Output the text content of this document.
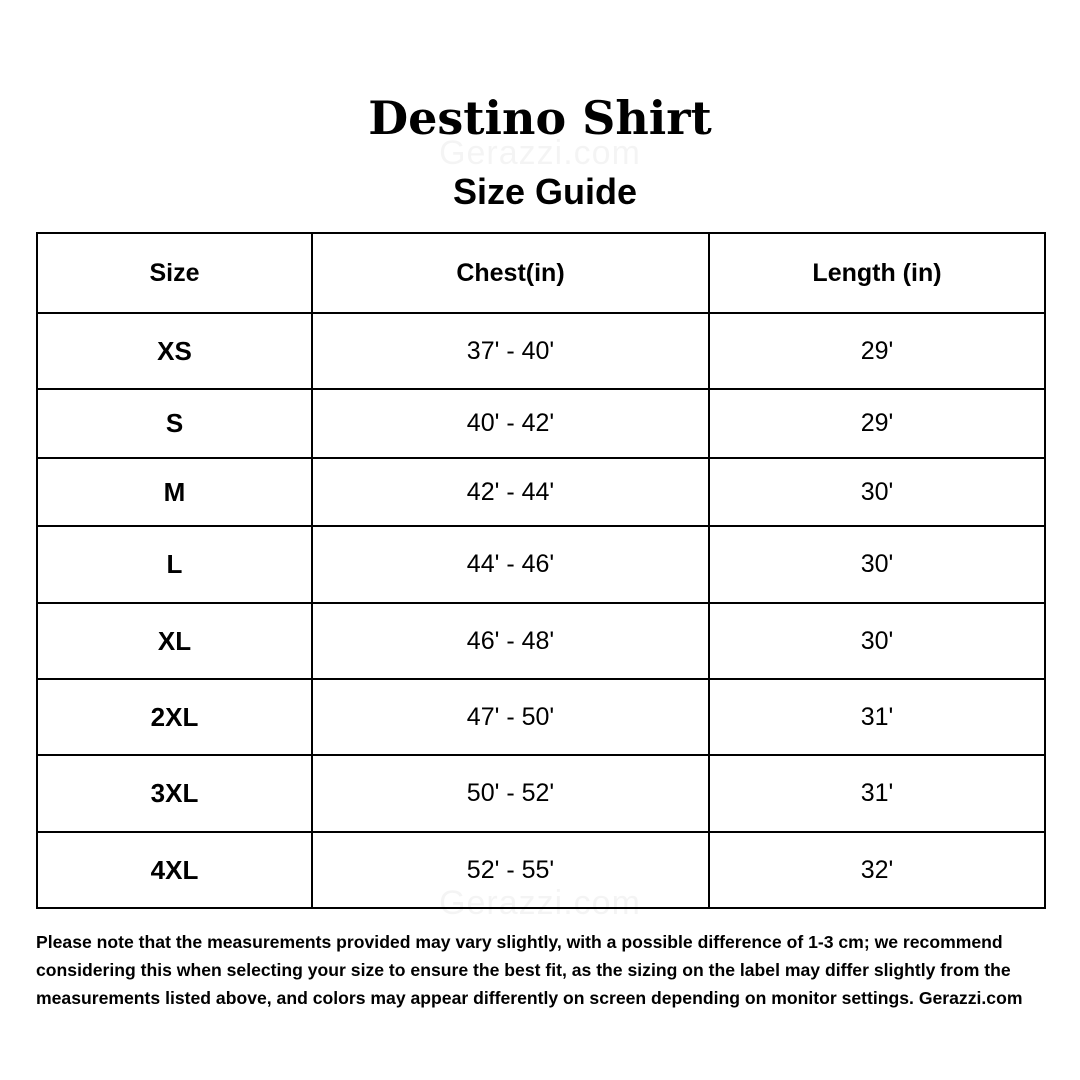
Destino Shirt
Size Guide
Size	Chest(in)	Length (in)
XS	37' - 40'	29'
S	40' - 42'	29'
M	42' - 44'	30'
L	44' - 46'	30'
XL	46' - 48'	30'
2XL	47' - 50'	31'
3XL	50' - 52'	31'
4XL	52' - 55'	32'

Please note that the measurements provided may vary slightly, with a possible difference of 1-3 cm; we recommend considering this when selecting your size to ensure the best fit, as the sizing on the label may differ slightly from the measurements listed above, and colors may appear differently on screen depending on monitor settings. Gerazzi.com
